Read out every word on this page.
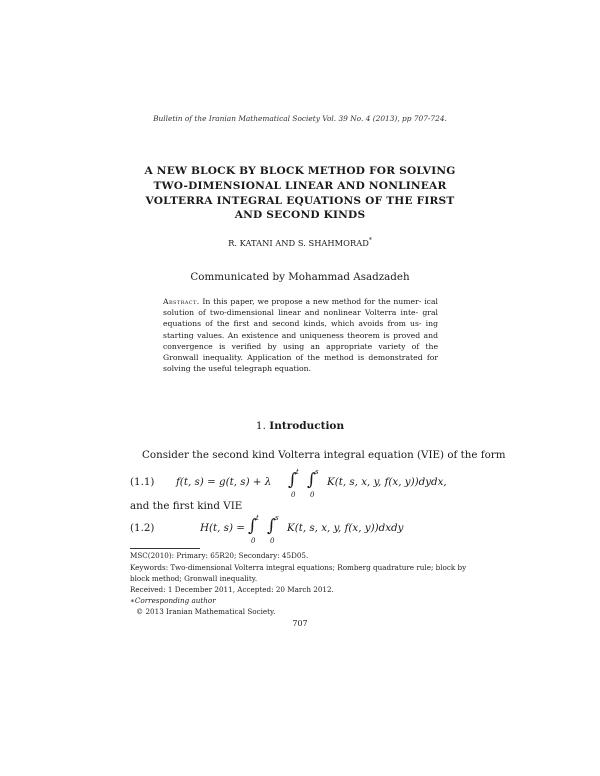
Bulletin of the Iranian Mathematical Society Vol. 39 No. 4 (2013), pp 707-724.
A NEW BLOCK BY BLOCK METHOD FOR SOLVING
TWO-DIMENSIONAL LINEAR AND NONLINEAR
VOLTERRA INTEGRAL EQUATIONS OF THE FIRST
AND SECOND KINDS
R. KATANI AND S. SHAHMORAD*
Communicated by Mohammad Asadzadeh
Abstract. In this paper, we propose a new method for the numer- ical solution of two-dimensional linear and nonlinear Volterra inte- gral equations of the first and second kinds, which avoids from us- ing starting values. An existence and uniqueness theorem is proved and convergence is verified by using an appropriate variety of the Gronwall inequality. Application of the method is demonstrated for solving the useful telegraph equation.
1. Introduction
Consider the second kind Volterra integral equation (VIE) of the form
(1.1) f(t, s) = g(t, s) + λ ∫ t
0
∫ s
0
K(t, s, x, y, f(x, y))dydx,
and the first kind VIE
(1.2)	H(t, s) = ∫ t
0
∫ s
0
K(t, s, x, y, f(x, y))dxdy
MSC(2010): Primary: 65R20; Secondary: 45D05.
Keywords: Two-dimensional Volterra integral equations; Romberg quadrature rule; block by
block method; Gronwall inequality.
Received: 1 December 2011, Accepted: 20 March 2012.
∗Corresponding author
© 2013 Iranian Mathematical Society.
707
